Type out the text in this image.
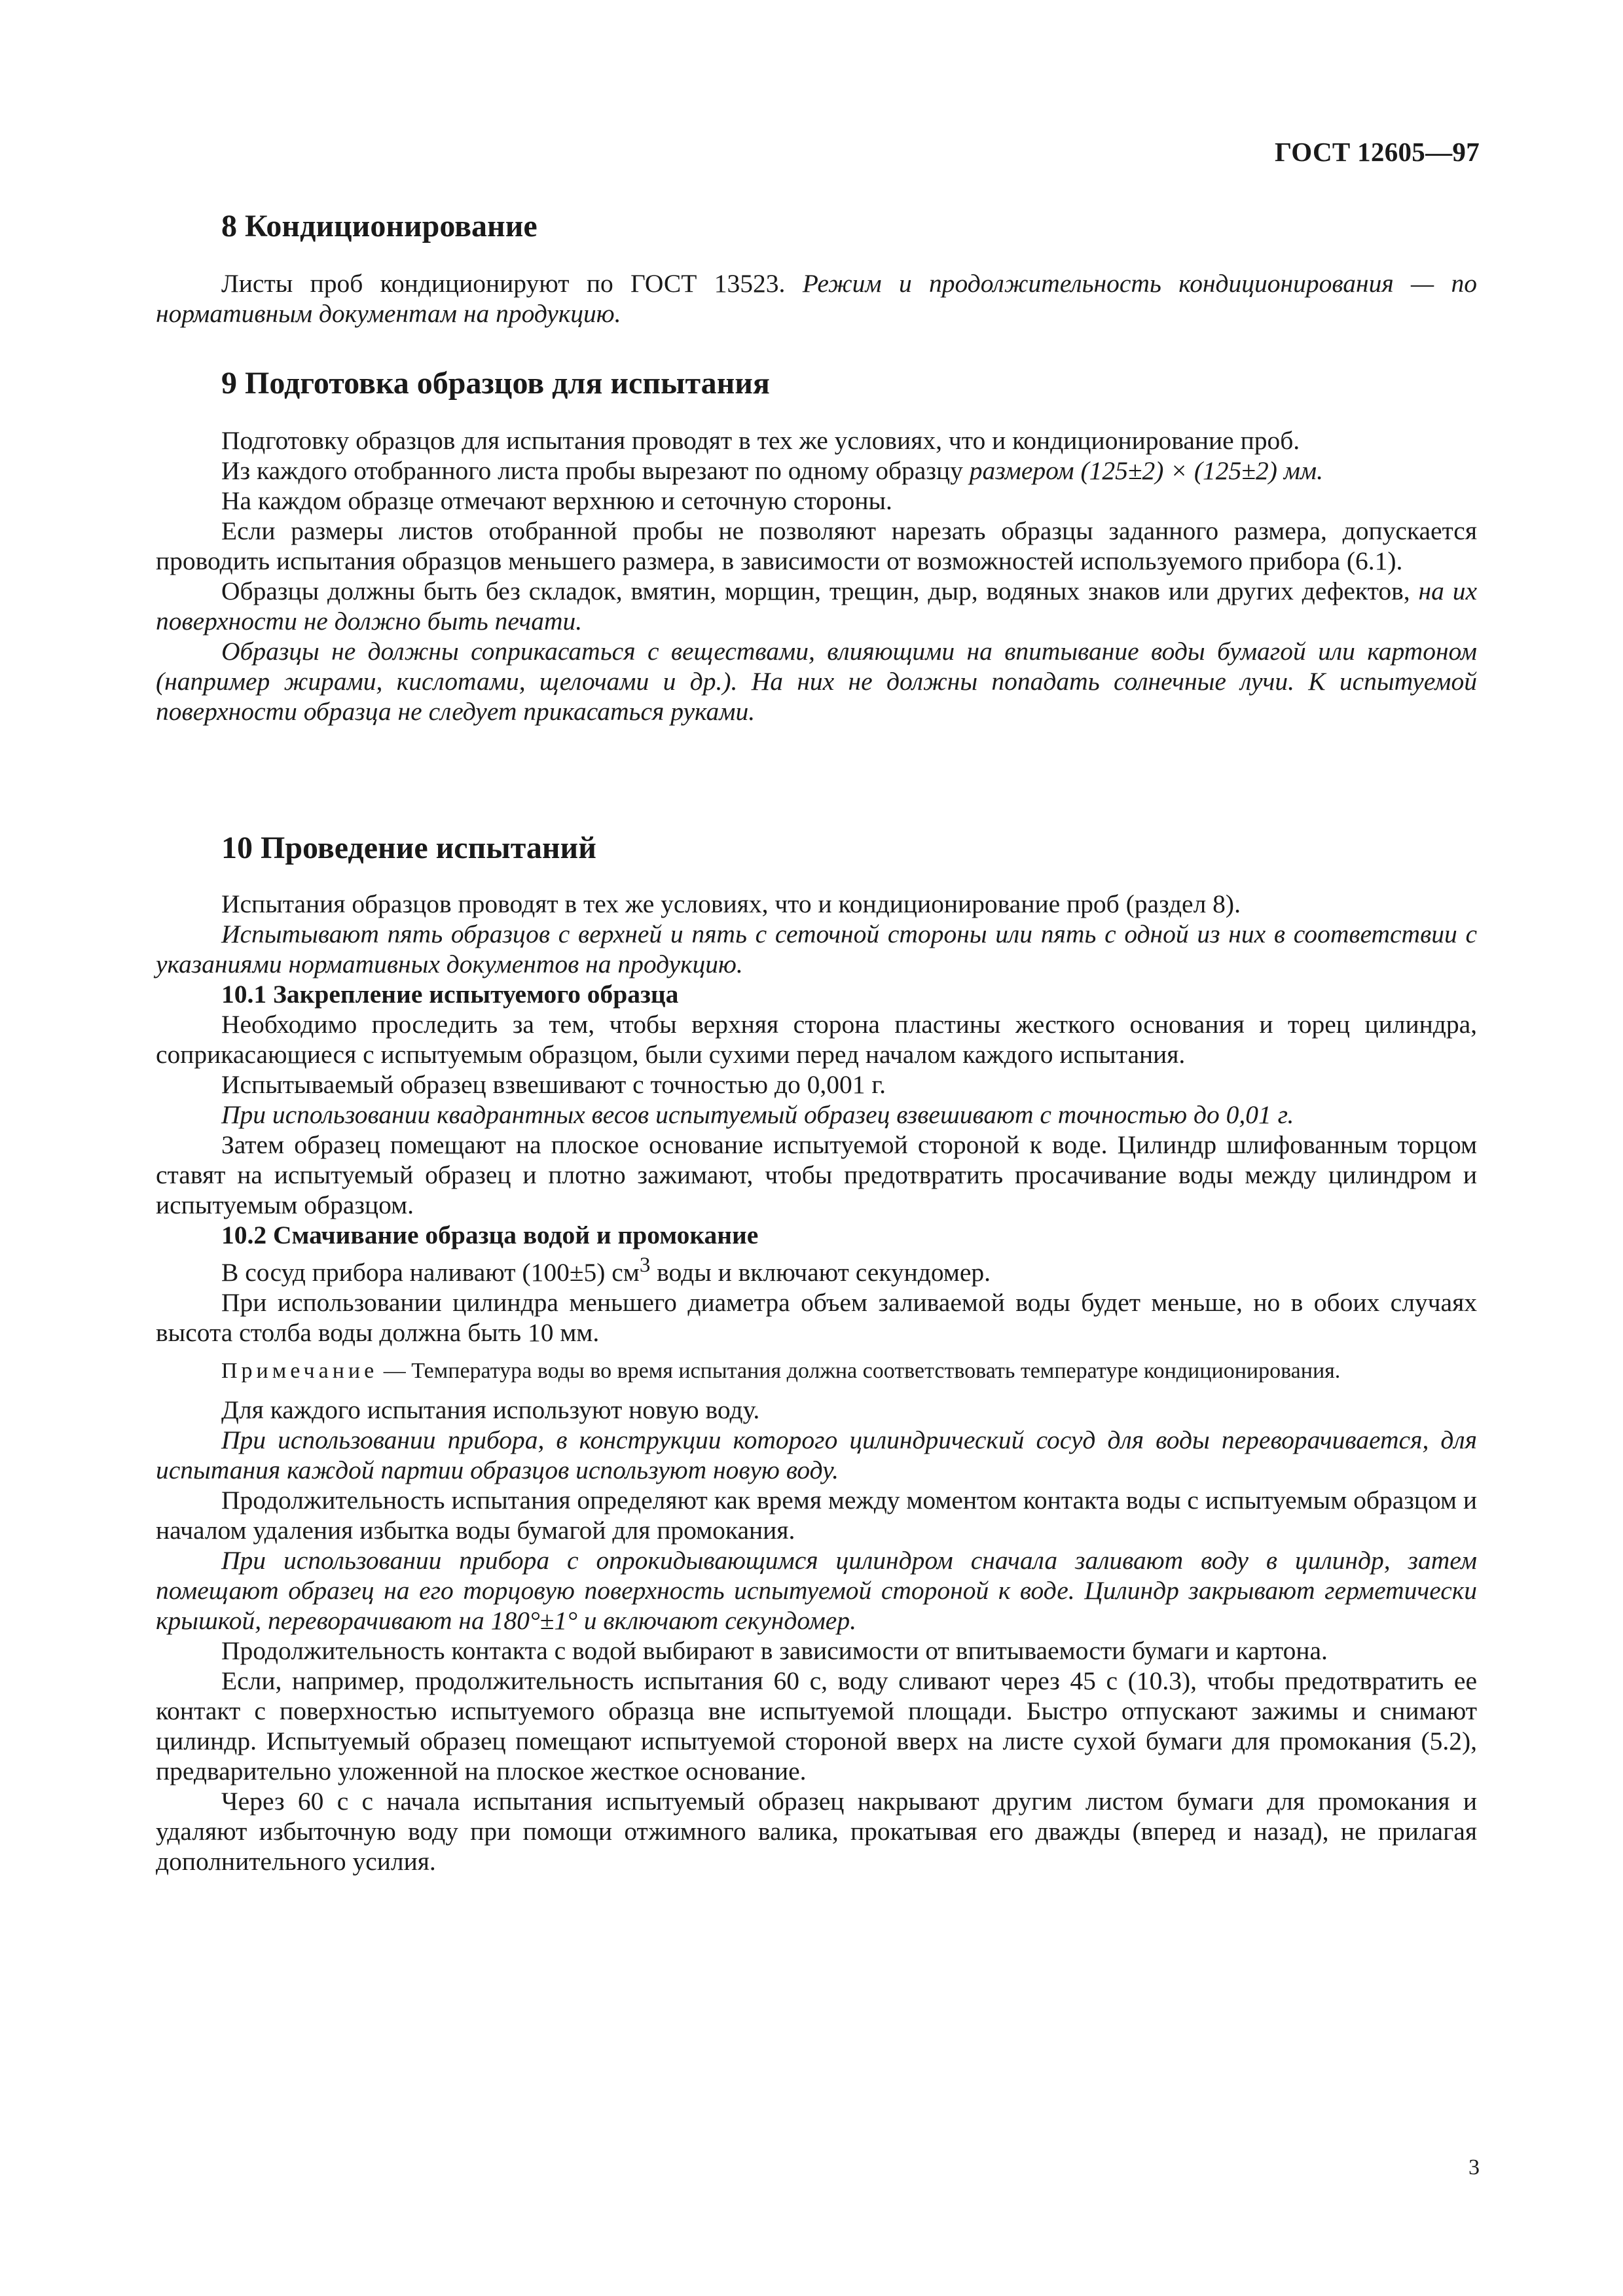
ГОСТ 12605—97
8 Кондиционирование

Листы проб кондиционируют по ГОСТ 13523. Режим и продолжительность кондиционирования — по нормативным документам на продукцию.

9 Подготовка образцов для испытания

Подготовку образцов для испытания проводят в тех же условиях, что и кондиционирование проб.

Из каждого отобранного листа пробы вырезают по одному образцу размером (125±2) × (125±2) мм.

На каждом образце отмечают верхнюю и сеточную стороны.

Если размеры листов отобранной пробы не позволяют нарезать образцы заданного размера, допускается проводить испытания образцов меньшего размера, в зависимости от возможностей используемого прибора (6.1).

Образцы должны быть без складок, вмятин, морщин, трещин, дыр, водяных знаков или других дефектов, на их поверхности не должно быть печати.

Образцы не должны соприкасаться с веществами, влияющими на впитывание воды бумагой или картоном (например жирами, кислотами, щелочами и др.). На них не должны попадать солнечные лучи. К испытуемой поверхности образца не следует прикасаться руками.

10 Проведение испытаний

Испытания образцов проводят в тех же условиях, что и кондиционирование проб (раздел 8).

Испытывают пять образцов с верхней и пять с сеточной стороны или пять с одной из них в соответствии с указаниями нормативных документов на продукцию.

10.1 Закрепление испытуемого образца

Необходимо проследить за тем, чтобы верхняя сторона пластины жесткого основания и торец цилиндра, соприкасающиеся с испытуемым образцом, были сухими перед началом каждого испытания.

Испытываемый образец взвешивают с точностью до 0,001 г.

При использовании квадрантных весов испытуемый образец взвешивают с точностью до 0,01 г.

Затем образец помещают на плоское основание испытуемой стороной к воде. Цилиндр шлифованным торцом ставят на испытуемый образец и плотно зажимают, чтобы предотвратить просачивание воды между цилиндром и испытуемым образцом.

10.2 Смачивание образца водой и промокание

В сосуд прибора наливают (100±5) $см^3$ воды и включают секундомер.

При использовании цилиндра меньшего диаметра объем заливаемой воды будет меньше, но в обоих случаях высота столба воды должна быть 10 мм.

Примечание — Температура воды во время испытания должна соответствовать температуре кондиционирования.

Для каждого испытания используют новую воду.

При использовании прибора, в конструкции которого цилиндрический сосуд для воды переворачивается, для испытания каждой партии образцов используют новую воду.

Продолжительность испытания определяют как время между моментом контакта воды с испытуемым образцом и началом удаления избытка воды бумагой для промокания.

При использовании прибора с опрокидывающимся цилиндром сначала заливают воду в цилиндр, затем помещают образец на его торцовую поверхность испытуемой стороной к воде. Цилиндр закрывают герметически крышкой, переворачивают на 180°±1° и включают секундомер.

Продолжительность контакта с водой выбирают в зависимости от впитываемости бумаги и картона.

Если, например, продолжительность испытания 60 с, воду сливают через 45 с (10.3), чтобы предотвратить ее контакт с поверхностью испытуемого образца вне испытуемой площади. Быстро отпускают зажимы и снимают цилиндр. Испытуемый образец помещают испытуемой стороной вверх на листе сухой бумаги для промокания (5.2), предварительно уложенной на плоское жесткое основание.

Через 60 с с начала испытания испытуемый образец накрывают другим листом бумаги для промокания и удаляют избыточную воду при помощи отжимного валика, прокатывая его дважды (вперед и назад), не прилагая дополнительного усилия.

3
